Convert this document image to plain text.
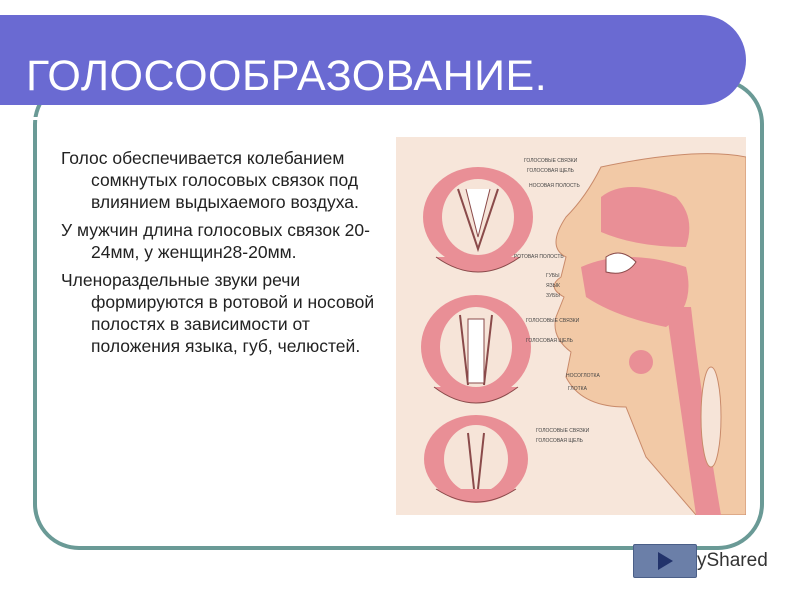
ГОЛОСООБРАЗОВАНИЕ.
Голос обеспечивается колебанием сомкнутых голосовых связок под влиянием выдыхаемого воздуха.
У мужчин длина голосовых связок 20-24мм, у женщин28-20мм.
Членораздельные звуки речи формируются в ротовой и носовой полостях в зависимости от положения языка, губ, челюстей.
ГОЛОСОВЫЕ СВЯЗКИ
ГОЛОСОВАЯ ЩЕЛЬ
НОСОВАЯ ПОЛОСТЬ
РОТОВАЯ ПОЛОСТЬ
ГУБЫ
ЯЗЫК
ЗУБЫ
ГОЛОСОВЫЕ СВЯЗКИ
ГОЛОСОВАЯ ЩЕЛЬ
НОСОГЛОТКА
ГЛОТКА
ГОЛОСОВЫЕ СВЯЗКИ
ГОЛОСОВАЯ ЩЕЛЬ
yShared
